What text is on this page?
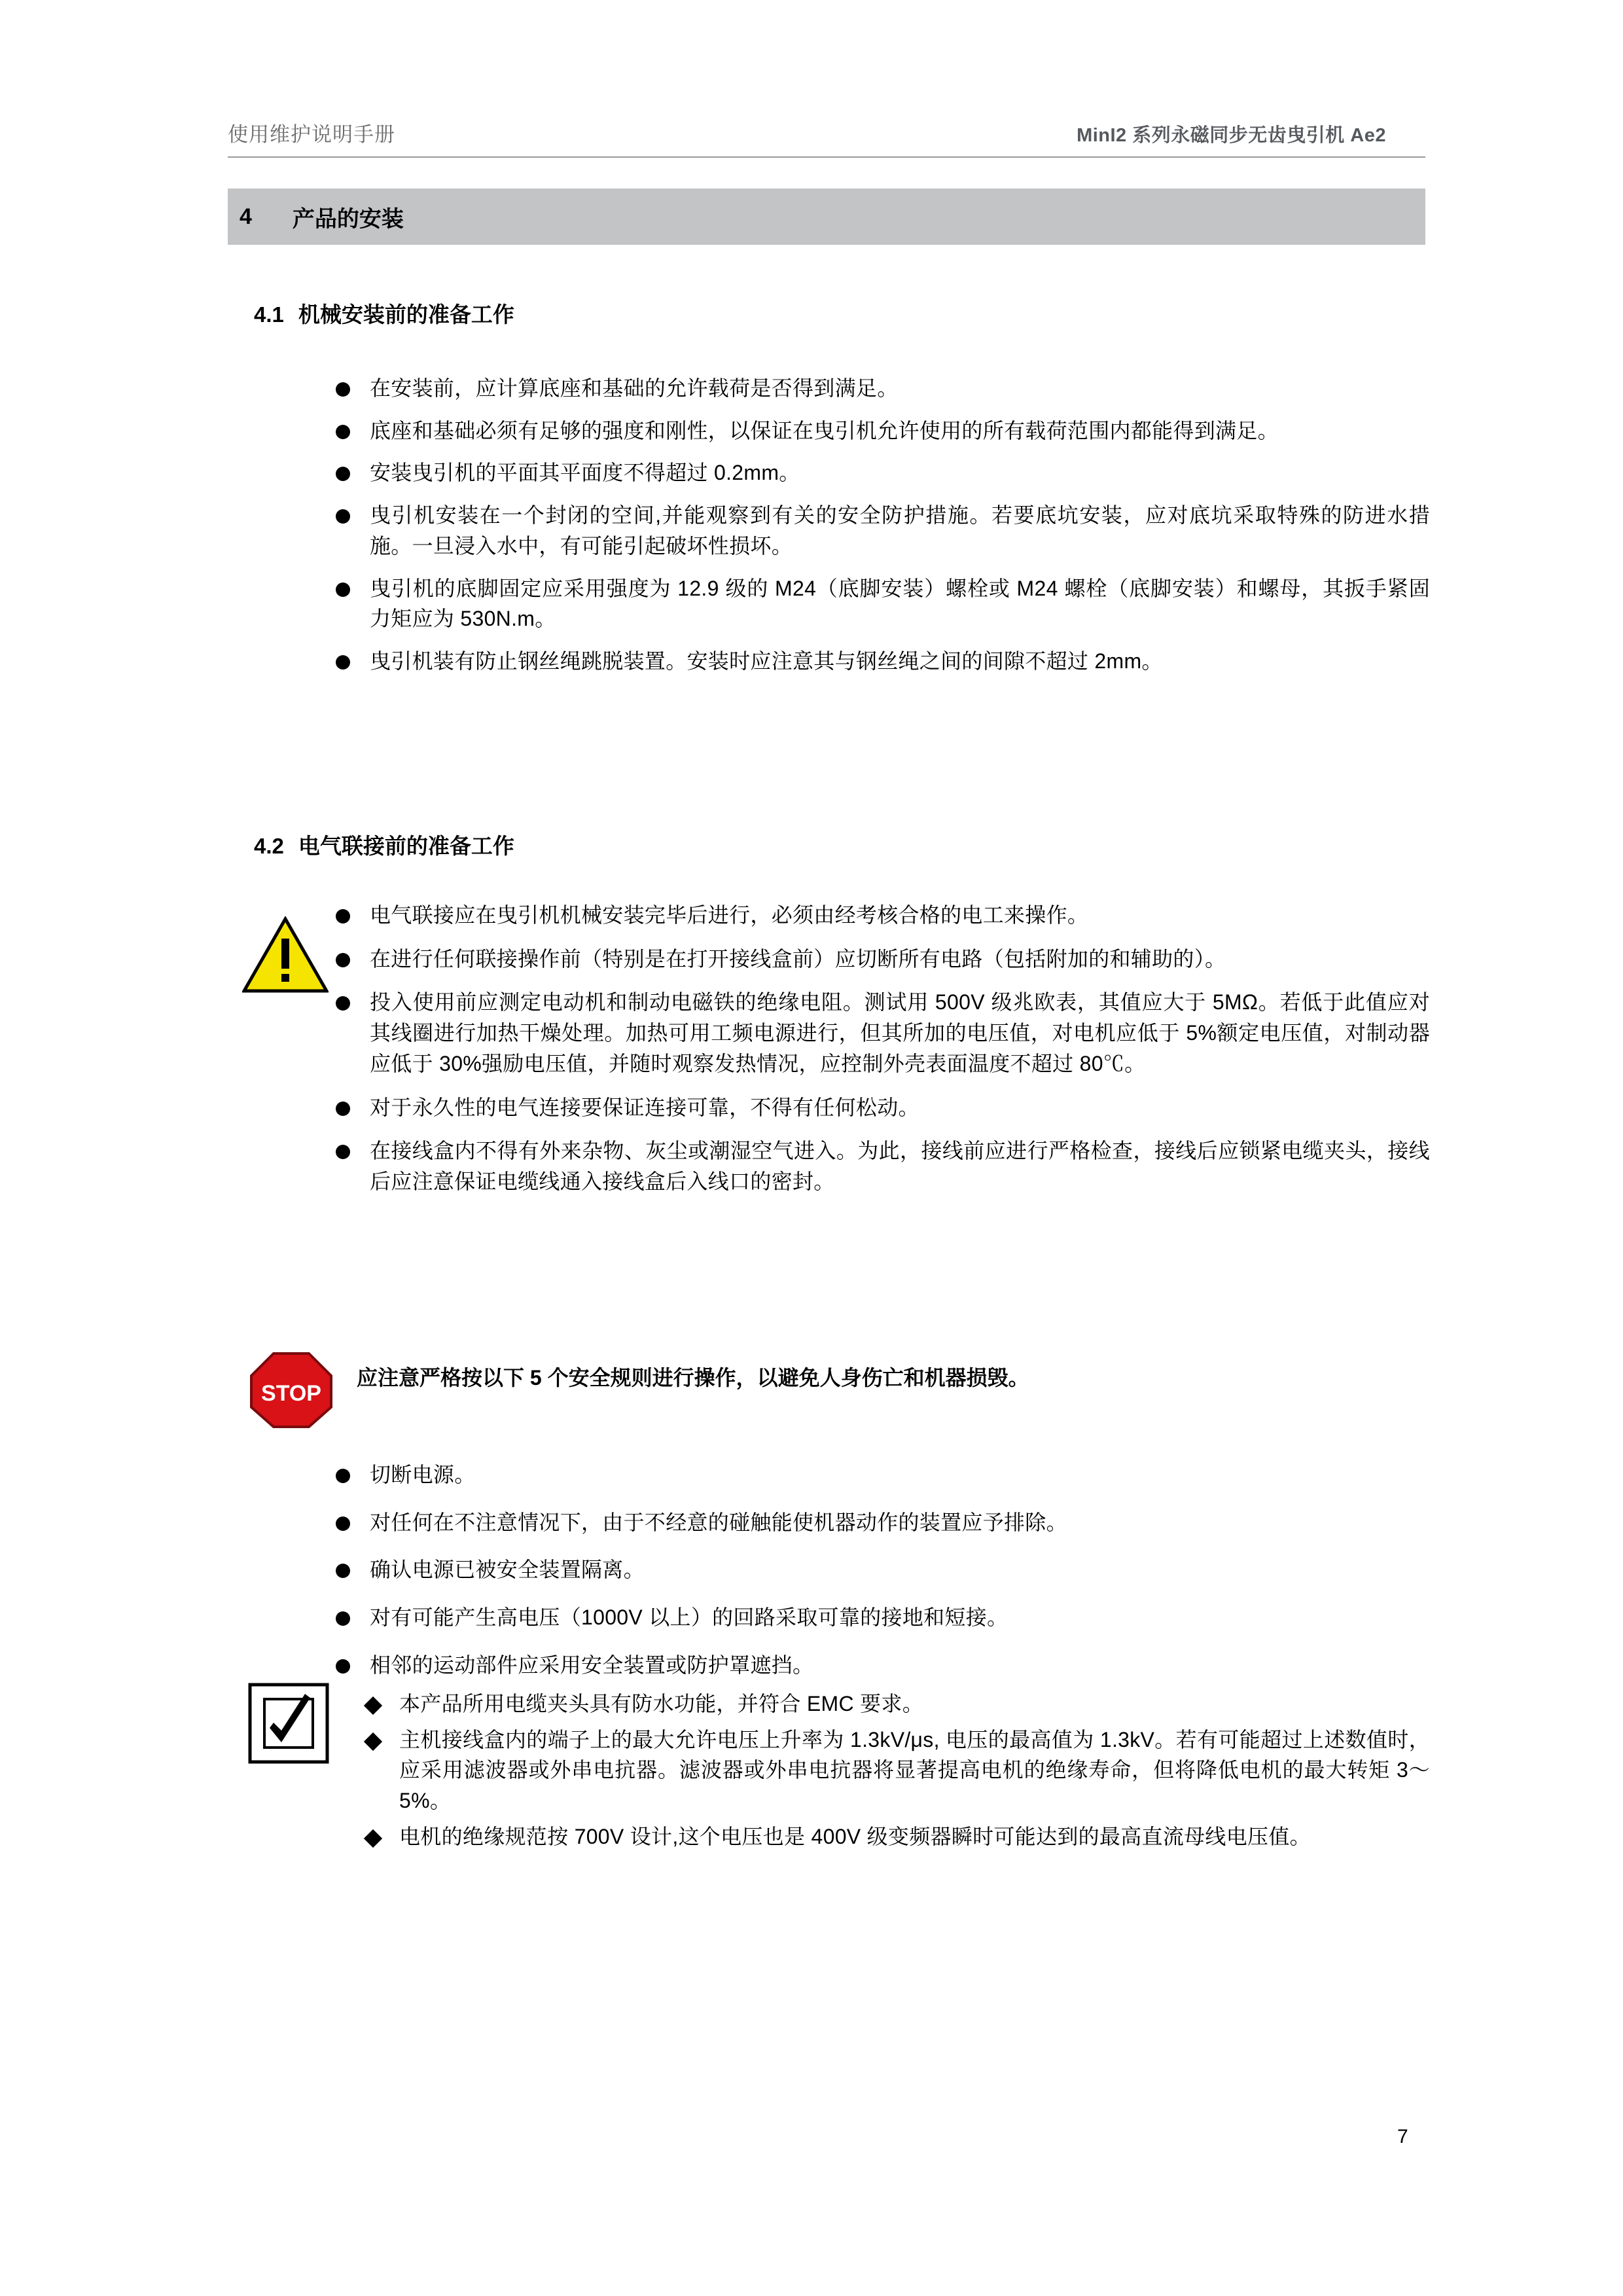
使用维护说明手册	MinI2 系列永磁同步无齿曳引机 Ae2
4 产品的安装
4.1 机械安装前的准备工作
在安装前，应计算底座和基础的允许载荷是否得到满足。
底座和基础必须有足够的强度和刚性，以保证在曳引机允许使用的所有载荷范围内都能得到满足。
安装曳引机的平面其平面度不得超过 0.2mm。
曳引机安装在一个封闭的空间,并能观察到有关的安全防护措施。若要底坑安装，应对底坑采取特殊的防进水措施。一旦浸入水中，有可能引起破坏性损坏。
曳引机的底脚固定应采用强度为 12.9 级的 M24（底脚安装）螺栓或 M24 螺栓（底脚安装）和螺母，其扳手紧固力矩应为 530N.m。
曳引机装有防止钢丝绳跳脱装置。安装时应注意其与钢丝绳之间的间隙不超过 2mm。
4.2 电气联接前的准备工作
电气联接应在曳引机机械安装完毕后进行，必须由经考核合格的电工来操作。
在进行任何联接操作前（特别是在打开接线盒前）应切断所有电路（包括附加的和辅助的）。
投入使用前应测定电动机和制动电磁铁的绝缘电阻。测试用 500V 级兆欧表，其值应大于 5MΩ。若低于此值应对其线圈进行加热干燥处理。加热可用工频电源进行，但其所加的电压值，对电机应低于 5%额定电压值，对制动器应低于 30%强励电压值，并随时观察发热情况，应控制外壳表面温度不超过 80℃。
对于永久性的电气连接要保证连接可靠，不得有任何松动。
在接线盒内不得有外来杂物、灰尘或潮湿空气进入。为此，接线前应进行严格检查，接线后应锁紧电缆夹头，接线后应注意保证电缆线通入接线盒后入线口的密封。
STOP
应注意严格按以下 5 个安全规则进行操作，以避免人身伤亡和机器损毁。
切断电源。
对任何在不注意情况下，由于不经意的碰触能使机器动作的装置应予排除。
确认电源已被安全装置隔离。
对有可能产生高电压（1000V 以上）的回路采取可靠的接地和短接。
相邻的运动部件应采用安全装置或防护罩遮挡。
本产品所用电缆夹头具有防水功能，并符合 EMC 要求。
主机接线盒内的端子上的最大允许电压上升率为 1.3kV/μs, 电压的最高值为 1.3kV。若有可能超过上述数值时，应采用滤波器或外串电抗器。滤波器或外串电抗器将显著提高电机的绝缘寿命，但将降低电机的最大转矩 3～5%。
电机的绝缘规范按 700V 设计,这个电压也是 400V 级变频器瞬时可能达到的最高直流母线电压值。
7
